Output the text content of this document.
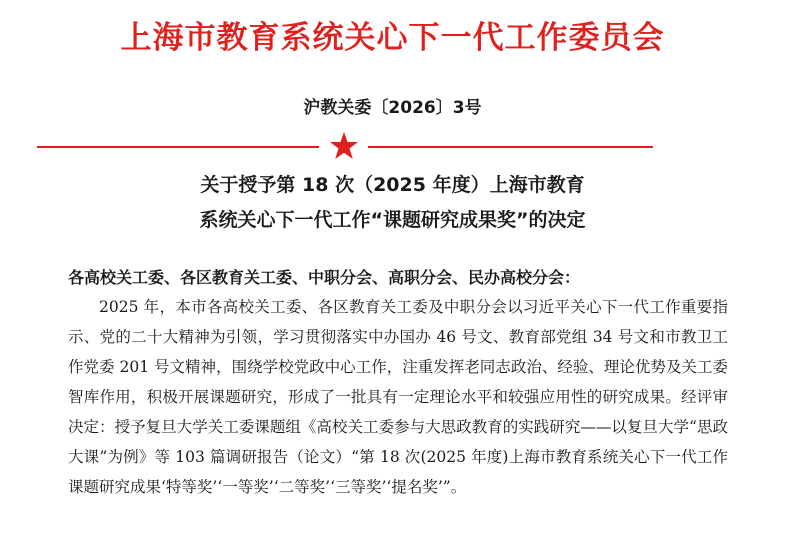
上海市教育系统关心下一代工作委员会
沪教关委〔2026〕3号
关于授予第 18 次（2025 年度）上海市教育
系统关心下一代工作“课题研究成果奖”的决定
各高校关工委、各区教育关工委、中职分会、高职分会、民办高校分会：

2025 年，本市各高校关工委、各区教育关工委及中职分会以习近平关心下一代工作重要指示、党的二十大精神为引领，学习贯彻落实中办国办 46 号文、教育部党组 34 号文和市教卫工作党委 201 号文精神，围绕学校党政中心工作，注重发挥老同志政治、经验、理论优势及关工委智库作用，积极开展课题研究，形成了一批具有一定理论水平和较强应用性的研究成果。经评审决定：授予复旦大学关工委课题组《高校关工委参与大思政教育的实践研究——以复旦大学“思政大课”为例》等 103 篇调研报告（论文）“第 18 次(2025 年度)上海市教育系统关心下一代工作课题研究成果‘特等奖’‘一等奖’‘二等奖’‘三等奖’‘提名奖’”。
